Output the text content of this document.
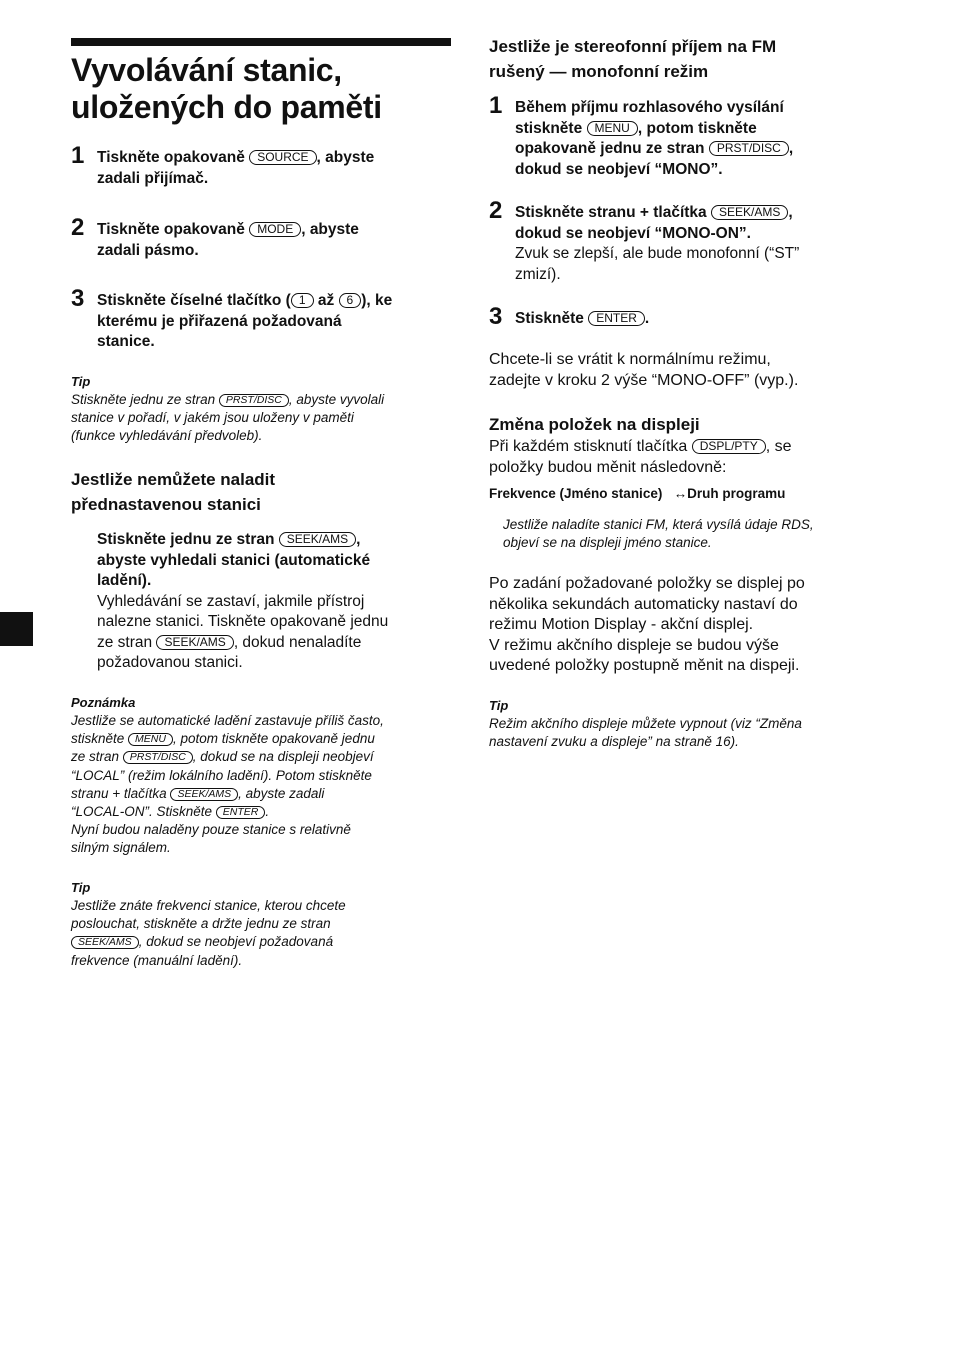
Vyvolávání stanic,
uložených do paměti
1 Tiskněte opakovaně SOURCE , abyste
zadali přijímač.
2 Tiskněte opakovaně MODE , abyste
zadali pásmo.
3 Stiskněte číselné tlačítko ( 1 až 6 ), ke
kterému je přiřazená požadovaná
stanice.
Tip
Stiskněte jednu ze stran PRST/DISC , abyste vyvolali
stanice v pořadí, v jakém jsou uloženy v paměti
(funkce vyhledávání předvoleb).
Jestliže nemůžete naladit
přednastavenou stanici
Stiskněte jednu ze stran SEEK/AMS ,
abyste vyhledali stanici (automatické
ladění).
Vyhledávání se zastaví, jakmile přístroj
nalezne stanici. Tiskněte opakovaně jednu
ze stran SEEK/AMS , dokud nenaladíte
požadovanou stanici.
Poznámka
Jestliže se automatické ladění zastavuje příliš často,
stiskněte MENU , potom tiskněte opakovaně jednu
ze stran PRST/DISC , dokud se na displeji neobjeví
“LOCAL” (režim lokálního ladění). Potom stiskněte
stranu + tlačítka SEEK/AMS , abyste zadali
“LOCAL-ON”. Stiskněte ENTER .
Nyní budou naladěny pouze stanice s relativně
silným signálem.
Tip
Jestliže znáte frekvenci stanice, kterou chcete
poslouchat, stiskněte a držte jednu ze stran
SEEK/AMS , dokud se neobjeví požadovaná
frekvence (manuální ladění).
Jestliže je stereofonní příjem na FM
rušený — monofonní režim
1 Během příjmu rozhlasového vysílání
stiskněte MENU , potom tiskněte
opakovaně jednu ze stran PRST/DISC ,
dokud se neobjeví “MONO”.
2 Stiskněte stranu + tlačítka SEEK/AMS ,
dokud se neobjeví “MONO-ON”.
Zvuk se zlepší, ale bude monofonní (“ST”
zmizí).
3 Stiskněte ENTER .
Chcete-li se vrátit k normálnímu režimu,
zadejte v kroku 2 výše “MONO-OFF” (vyp.).
Změna položek na displeji
Při každém stisknutí tlačítka DSPL/PTY , se
položky budou měnit následovně:
Frekvence (Jméno stanice) ↔Druh programu
Jestliže naladíte stanici FM, která vysílá údaje RDS,
objeví se na displeji jméno stanice.
Po zadání požadované položky se displej po
několika sekundách automaticky nastaví do
režimu Motion Display - akční displej.
V režimu akčního displeje se budou výše
uvedené položky postupně měnit na dispeji.
Tip
Režim akčního displeje můžete vypnout (viz “Změna
nastavení zvuku a displeje” na straně 16).
